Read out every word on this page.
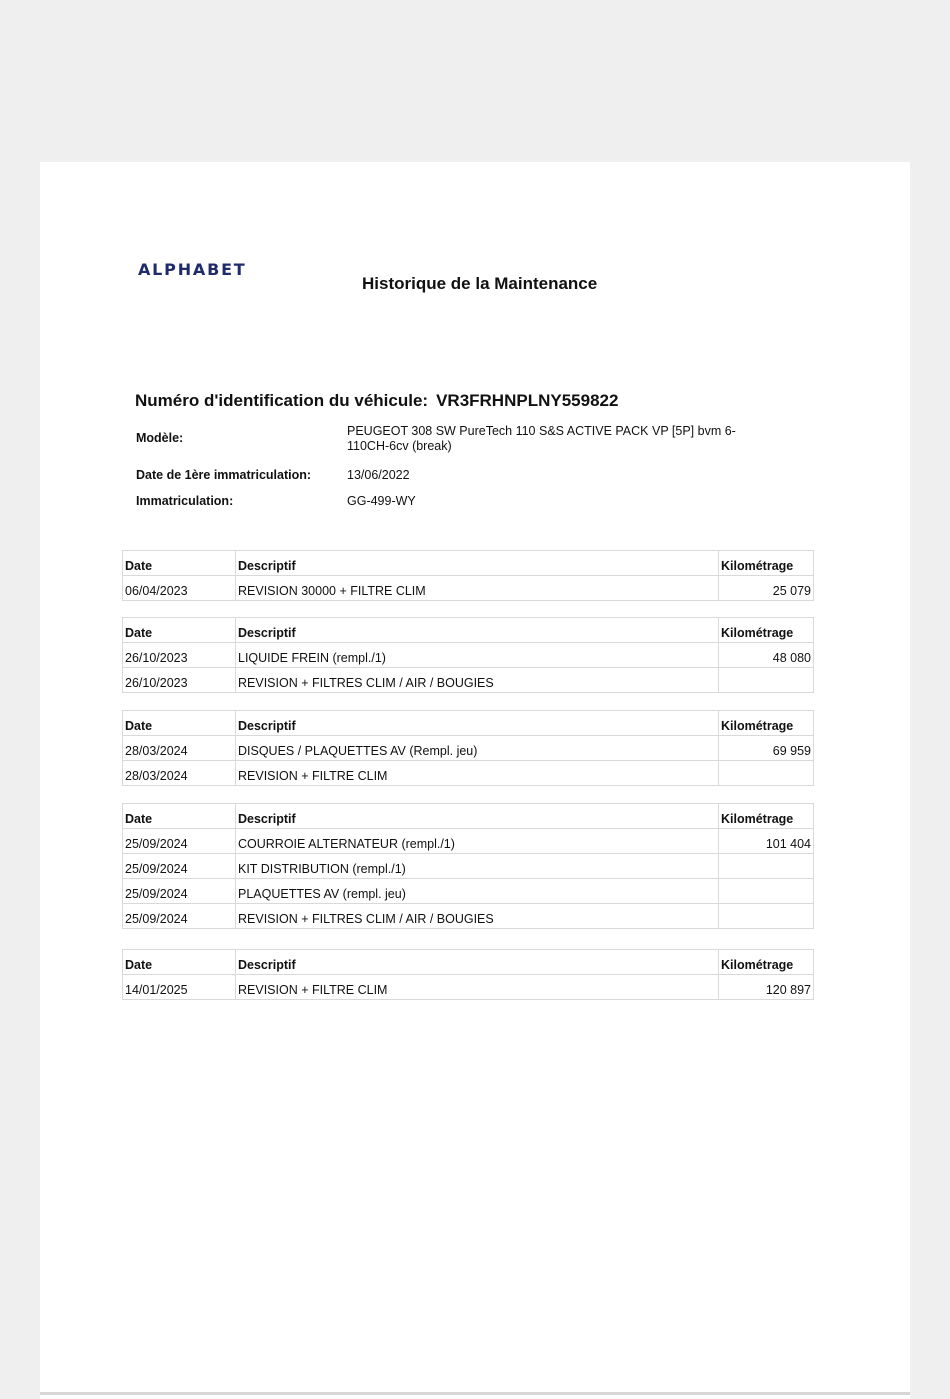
ALPHABET
Historique de la Maintenance
Numéro d'identification du véhicule: VR3FRHNPLNY559822
Modèle:	PEUGEOT 308 SW PureTech 110 S&S ACTIVE PACK VP [5P] bvm 6-110CH-6cv (break)
Date de 1ère immatriculation:	13/06/2022
Immatriculation:	GG-499-WY
Date	Descriptif	Kilométrage
06/04/2023	REVISION 30000 + FILTRE CLIM	25 079
Date	Descriptif	Kilométrage
26/10/2023	LIQUIDE FREIN (rempl./1)	48 080
26/10/2023	REVISION + FILTRES CLIM / AIR / BOUGIES	
Date	Descriptif	Kilométrage
28/03/2024	DISQUES / PLAQUETTES AV (Rempl. jeu)	69 959
28/03/2024	REVISION + FILTRE CLIM	
Date	Descriptif	Kilométrage
25/09/2024	COURROIE ALTERNATEUR (rempl./1)	101 404
25/09/2024	KIT DISTRIBUTION (rempl./1)	
25/09/2024	PLAQUETTES AV (rempl. jeu)	
25/09/2024	REVISION + FILTRES CLIM / AIR / BOUGIES	
Date	Descriptif	Kilométrage
14/01/2025	REVISION + FILTRE CLIM	120 897
